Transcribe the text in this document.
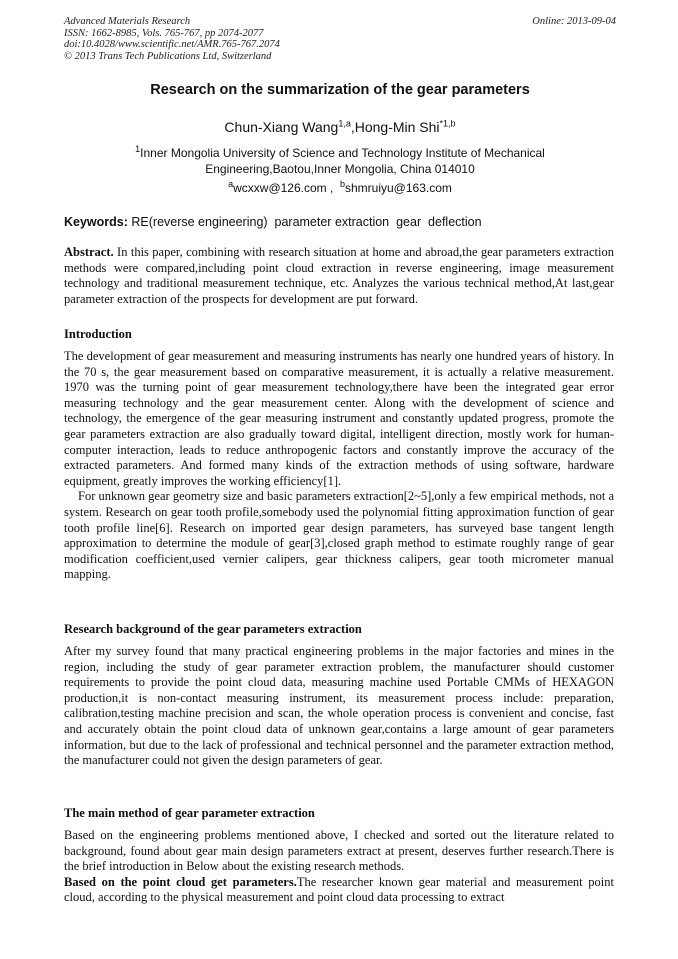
Advanced Materials Research
ISSN: 1662-8985, Vols. 765-767, pp 2074-2077
doi:10.4028/www.scientific.net/AMR.765-767.2074
© 2013 Trans Tech Publications Ltd, Switzerland
Online: 2013-09-04
Research on the summarization of the gear parameters
Chun-Xiang Wang$^{1,a}$,Hong-Min Shi$^{*1,b}$
$^1$Inner Mongolia University of Science and Technology Institute of Mechanical
Engineering,Baotou,Inner Mongolia, China 014010
$^a$wcxxw@126.com ,  $^b$shmruiyu@163.com
Keywords: RE(reverse engineering)  parameter extraction  gear  deflection

Abstract. In this paper, combining with research situation at home and abroad,the gear parameters extraction methods were compared,including point cloud extraction in reverse engineering, image measurement technology and traditional measurement technique, etc. Analyzes the various technical method,At last,gear parameter extraction of the prospects for development are put forward.

Introduction

The development of gear measurement and measuring instruments has nearly one hundred years of history. In the 70 s, the gear measurement based on comparative measurement, it is actually a relative measurement. 1970 was the turning point of gear measurement technology,there have been the integrated gear error measuring technology and the gear measurement center. Along with the development of science and technology, the emergence of the gear measuring instrument and constantly updated progress, promote the gear parameters extraction are also gradually toward digital, intelligent direction, mostly work for human-computer interaction, leads to reduce anthropogenic factors and constantly improve the accuracy of the extracted parameters. And formed many kinds of the extraction methods of using software, hardware equipment, greatly improves the working efficiency[1].

For unknown gear geometry size and basic parameters extraction[2~5],only a few empirical methods, not a system. Research on gear tooth profile,somebody used the polynomial fitting approximation function of gear tooth profile line[6]. Research on imported gear design parameters, has surveyed base tangent length approximation to determine the module of gear[3],closed graph method to estimate roughly range of gear modification coefficient,used vernier calipers, gear thickness calipers, gear tooth micrometer manual mapping.

Research background of the gear parameters extraction

After my survey found that many practical engineering problems in the major factories and mines in the region, including the study of gear parameter extraction problem, the manufacturer should customer requirements to provide the point cloud data, measuring machine used Portable CMMs of HEXAGON production,it is non-contact measuring instrument, its measurement process include: preparation, calibration,testing machine precision and scan, the whole operation process is convenient and concise, fast and accurately obtain the point cloud data of unknown gear,contains a large amount of gear parameters information, but due to the lack of professional and technical personnel and the parameter extraction method, the manufacturer could not given the design parameters of gear.

The main method of gear parameter extraction

Based on the engineering problems mentioned above, I checked and sorted out the literature related to background, found about gear main design parameters extract at present, deserves further research.There is the brief introduction in Below about the existing research methods.

Based on the point cloud get parameters.The researcher known gear material and measurement point cloud, according to the physical measurement and point cloud data processing to extract
